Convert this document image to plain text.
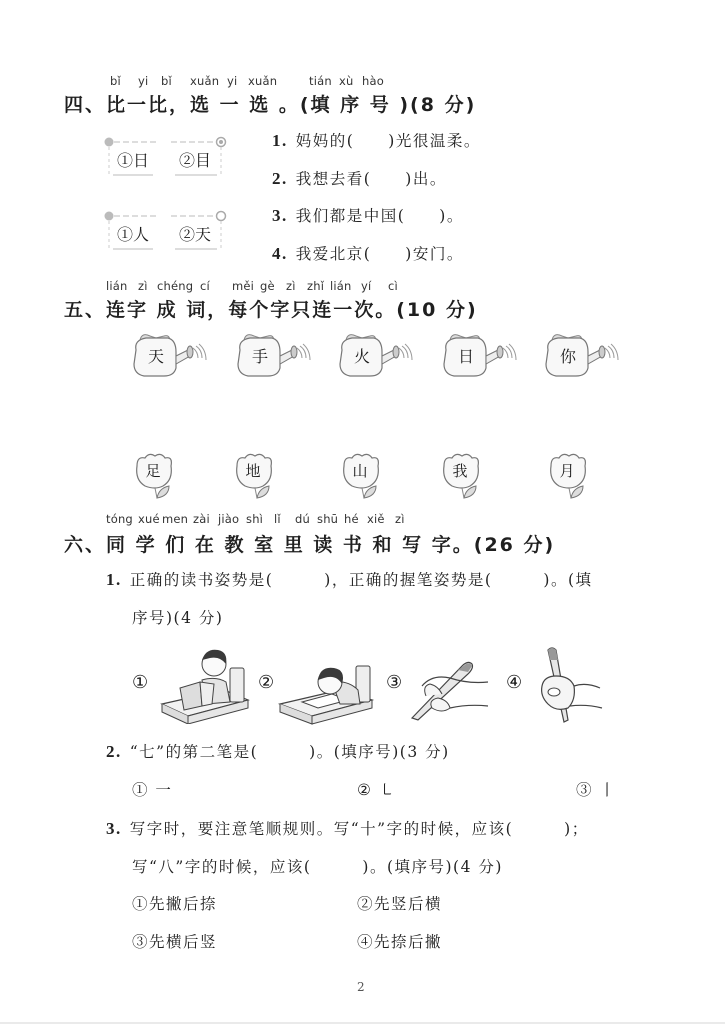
bǐ yi bǐ xuǎn yi xuǎn	tián xù hào
四、比一比，选 一 选 。(填 序 号 )(8 分)
①日 ②目
①人 ②天
1. 妈妈的(　　)光很温柔。
2. 我想去看(　　)出。
3. 我们都是中国(　　)。
4. 我爱北京(　　)安门。
lián zì chéng cí měi gè zì zhǐ lián yí cì
五、连字 成 词，每个字只连一次。(10 分)
天	手	火	日	你
足	地	山	我	月
tóng xué men zài jiào shì lǐ dú shū hé xiě zì
六、同 学 们 在 教 室 里 读 书 和 写 字。(26 分)
1. 正确的读书姿势是(　　　)，正确的握笔姿势是(　　　)。(填
序号)(4 分)
①	②	③	④
2. “七”的第二笔是(　　　)。(填序号)(3 分)
① 一	② ㇄	③ 丨
3. 写字时，要注意笔顺规则。写“十”字的时候，应该(　　　)；
写“八”字的时候，应该(　　　)。(填序号)(4 分)
①先撇后捺	②先竖后横
③先横后竖	④先捺后撇
2
